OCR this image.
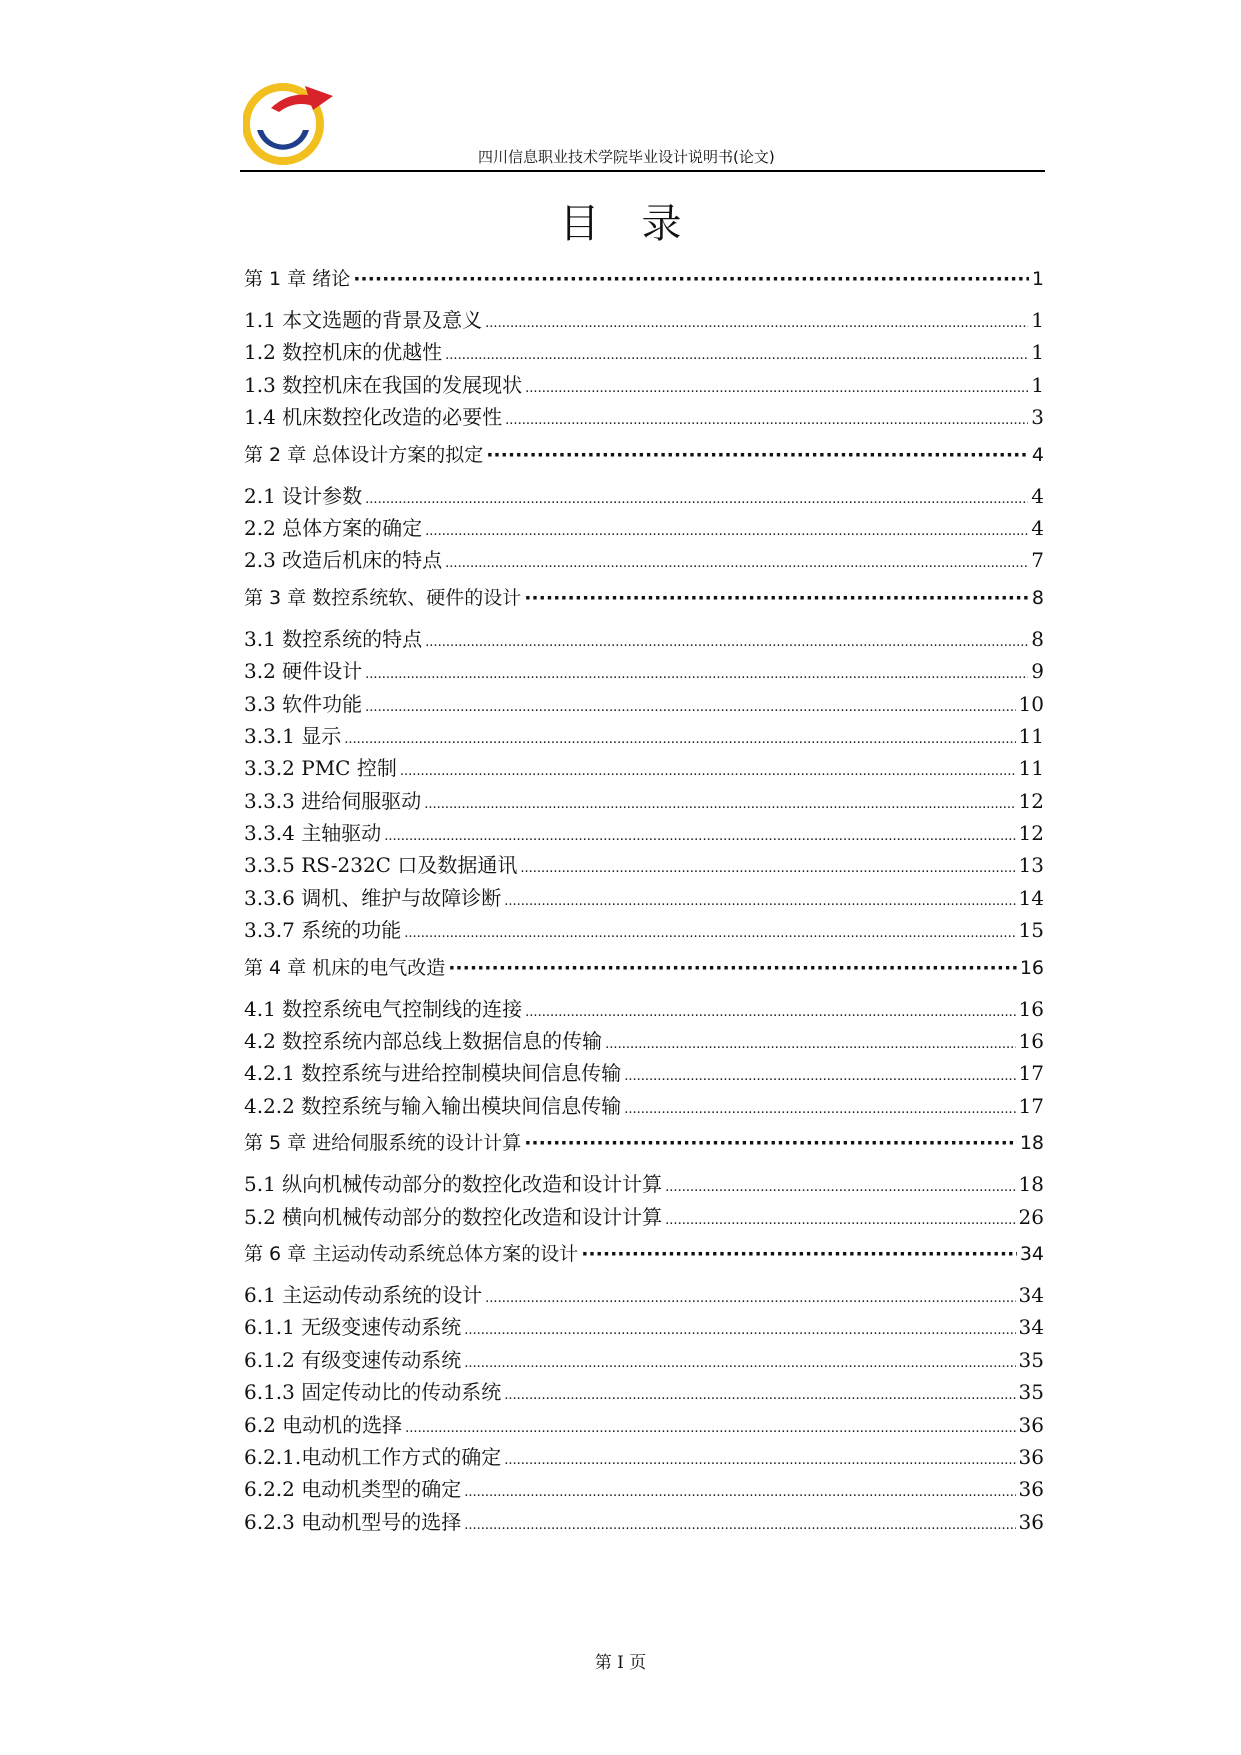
SCITC
·1976·
四川信息职业技术学院毕业设计说明书(论文)
目录
第 1 章 绪论 ·····	1
1.1 本文选题的背景及意义 .....	1
1.2 数控机床的优越性 .....	1
1.3 数控机床在我国的发展现状 .....	1
1.4 机床数控化改造的必要性 .....	3
第 2 章 总体设计方案的拟定 ·····	4
2.1 设计参数 .....	4
2.2 总体方案的确定 .....	4
2.3 改造后机床的特点 .....	7
第 3 章 数控系统软、硬件的设计 ·····	8
3.1 数控系统的特点 .....	8
3.2 硬件设计 .....	9
3.3 软件功能 .....	10
3.3.1 显示 .....	11
3.3.2 PMC 控制 .....	11
3.3.3 进给伺服驱动 .....	12
3.3.4 主轴驱动 .....	12
3.3.5 RS-232C 口及数据通讯 .....	13
3.3.6 调机、维护与故障诊断 .....	14
3.3.7 系统的功能 .....	15
第 4 章 机床的电气改造 ·····	16
4.1 数控系统电气控制线的连接 .....	16
4.2 数控系统内部总线上数据信息的传输 .....	16
4.2.1 数控系统与进给控制模块间信息传输 .....	17
4.2.2 数控系统与输入输出模块间信息传输 .....	17
第 5 章 进给伺服系统的设计计算 ·····	18
5.1 纵向机械传动部分的数控化改造和设计计算 .....	18
5.2 横向机械传动部分的数控化改造和设计计算 .....	26
第 6 章 主运动传动系统总体方案的设计 ·····	34
6.1 主运动传动系统的设计 .....	34
6.1.1 无级变速传动系统 .....	34
6.1.2 有级变速传动系统 .....	35
6.1.3 固定传动比的传动系统 .....	35
6.2 电动机的选择 .....	36
6.2.1.电动机工作方式的确定 .....	36
6.2.2 电动机类型的确定 .....	36
6.2.3 电动机型号的选择 .....	36
第 I 页
